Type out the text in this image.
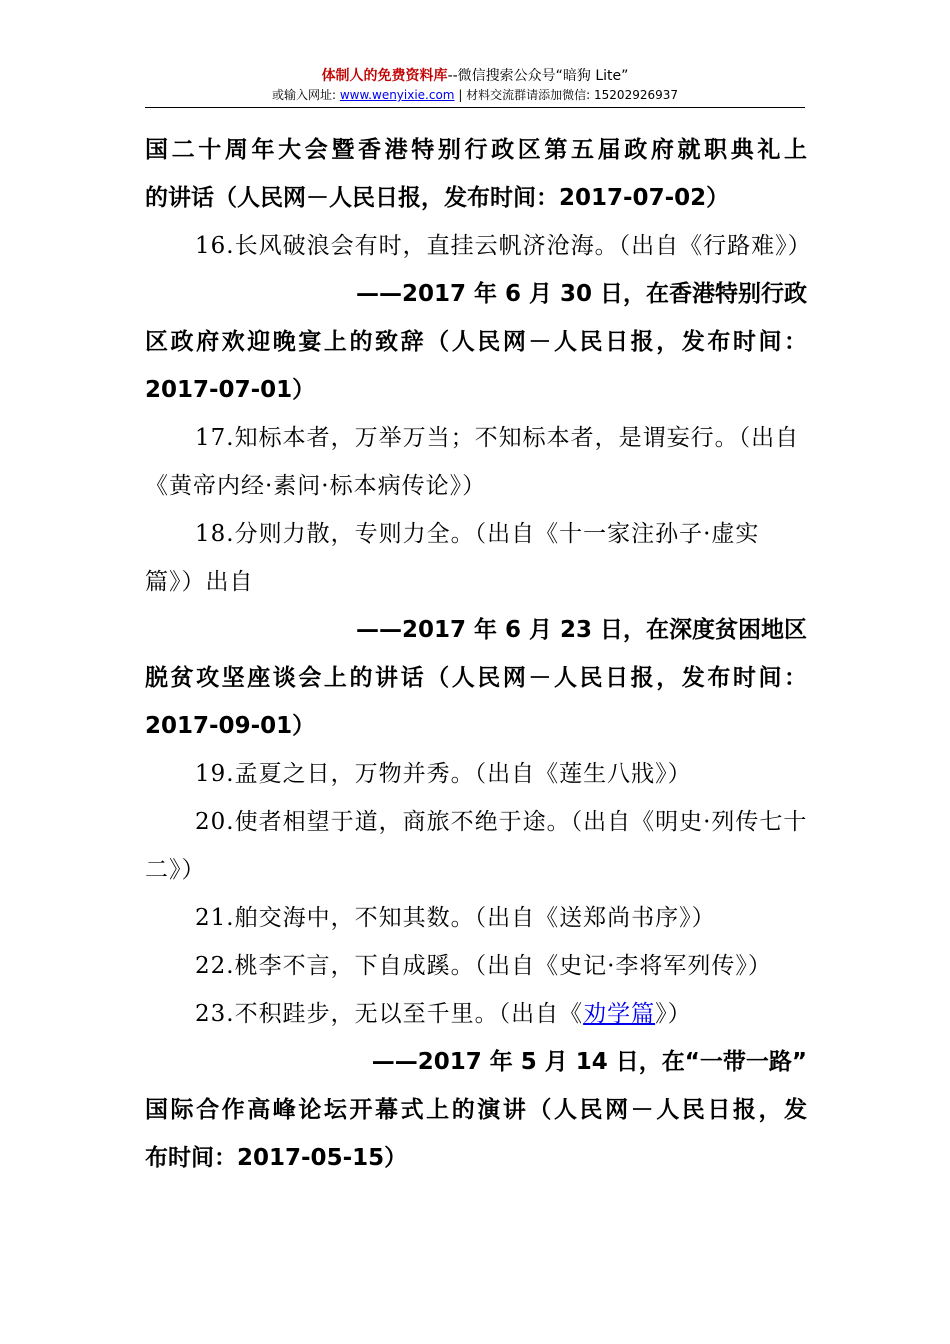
体制人的免费资料库--微信搜索公众号“暗狗 Lite”
或输入网址: www.wenyixie.com | 材料交流群请添加微信: 15202926937
国二十周年大会暨香港特别行政区第五届政府就职典礼上
的讲话（人民网－人民日报，发布时间：2017-07-02）
16.长风破浪会有时，直挂云帆济沧海。（出自《行路难》）
——2017 年 6 月 30 日，在香港特别行政
区政府欢迎晚宴上的致辞（人民网－人民日报，发布时间：
2017-07-01）
17.知标本者，万举万当；不知标本者，是谓妄行。（出自
《黄帝内经·素问·标本病传论》）
18.分则力散，专则力全。（出自《十一家注孙子·虚实
篇》）出自
——2017 年 6 月 23 日，在深度贫困地区
脱贫攻坚座谈会上的讲话（人民网－人民日报，发布时间：
2017-09-01）
19.孟夏之日，万物并秀。（出自《莲生八戕》）
20.使者相望于道，商旅不绝于途。（出自《明史·列传七十
二》）
21.舶交海中，不知其数。（出自《送郑尚书序》）
22.桃李不言，下自成蹊。（出自《史记·李将军列传》）
23.不积跬步，无以至千里。（出自《劝学篇》）
——2017 年 5 月 14 日，在“一带一路”
国际合作高峰论坛开幕式上的演讲（人民网－人民日报，发
布时间：2017-05-15）
